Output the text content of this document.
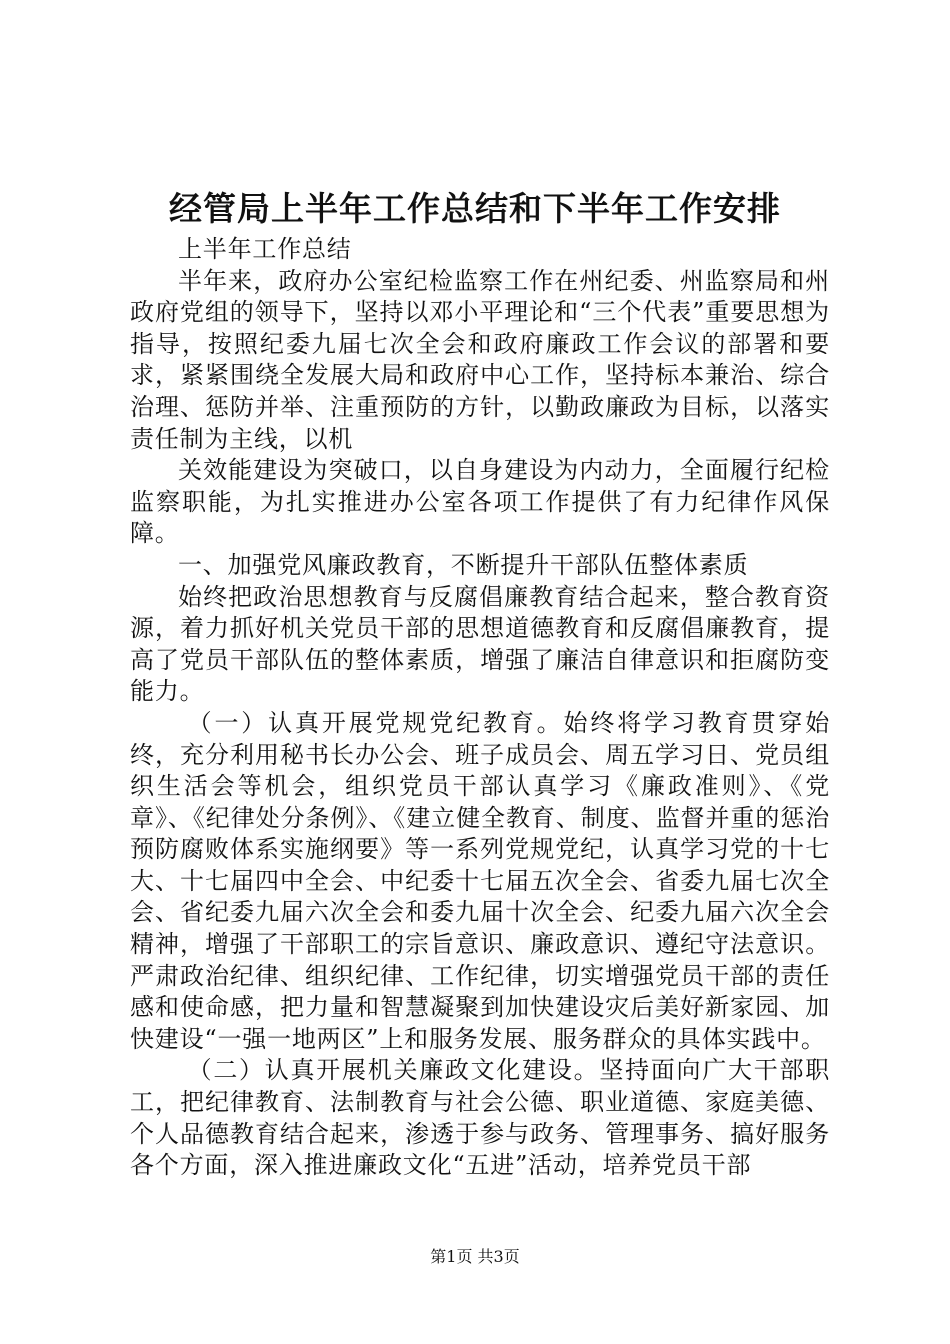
经管局上半年工作总结和下半年工作安排

上半年工作总结

半年来，政府办公室纪检监察工作在州纪委、州监察局和州政府党组的领导下，坚持以邓小平理论和“三个代表”重要思想为指导，按照纪委九届七次全会和政府廉政工作会议的部署和要求，紧紧围绕全发展大局和政府中心工作，坚持标本兼治、综合治理、惩防并举、注重预防的方针，以勤政廉政为目标，以落实责任制为主线，以机

关效能建设为突破口，以自身建设为内动力，全面履行纪检监察职能，为扎实推进办公室各项工作提供了有力纪律作风保障。

一、加强党风廉政教育，不断提升干部队伍整体素质

始终把政治思想教育与反腐倡廉教育结合起来，整合教育资源，着力抓好机关党员干部的思想道德教育和反腐倡廉教育，提高了党员干部队伍的整体素质，增强了廉洁自律意识和拒腐防变能力。

（一）认真开展党规党纪教育。始终将学习教育贯穿始终，充分利用秘书长办公会、班子成员会、周五学习日、党员组织生活会等机会，组织党员干部认真学习《廉政准则》、《党章》、《纪律处分条例》、《建立健全教育、制度、监督并重的惩治预防腐败体系实施纲要》等一系列党规党纪，认真学习党的十七大、十七届四中全会、中纪委十七届五次全会、省委九届七次全会、省纪委九届六次全会和委九届十次全会、纪委九届六次全会精神，增强了干部职工的宗旨意识、廉政意识、遵纪守法意识。严肃政治纪律、组织纪律、工作纪律，切实增强党员干部的责任感和使命感，把力量和智慧凝聚到加快建设灾后美好新家园、加快建设“一强一地两区”上和服务发展、服务群众的具体实践中。

（二）认真开展机关廉政文化建设。坚持面向广大干部职工，把纪律教育、法制教育与社会公德、职业道德、家庭美德、个人品德教育结合起来，渗透于参与政务、管理事务、搞好服务各个方面，深入推进廉政文化“五进”活动，培养党员干部

第1页 共3页
